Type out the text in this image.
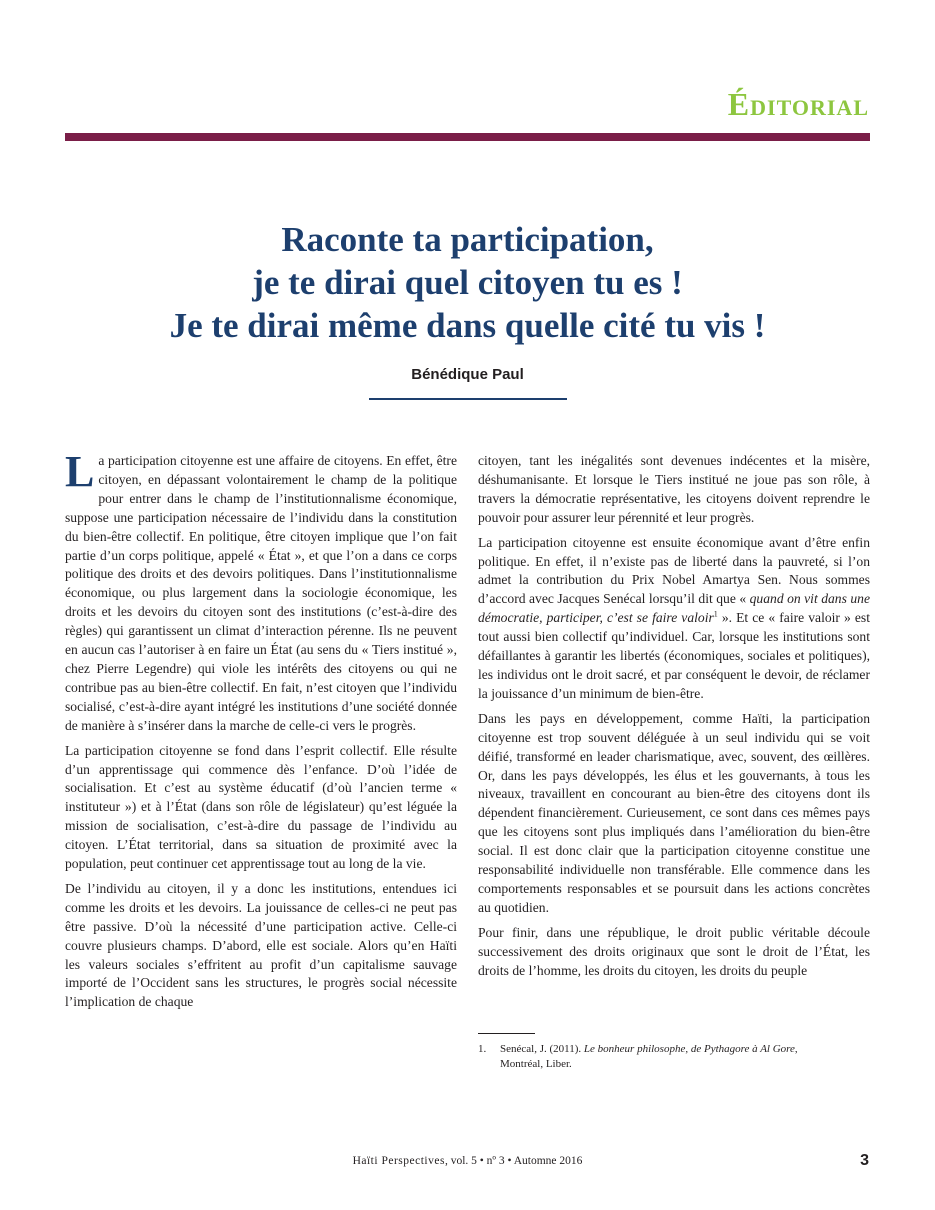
Éditorial
Raconte ta participation,
je te dirai quel citoyen tu es !
Je te dirai même dans quelle cité tu vis !
Bénédique Paul

La participation citoyenne est une affaire de citoyens. En effet, être citoyen, en dépassant volontairement le champ de la politique pour entrer dans le champ de l’institutionnalisme économique, suppose une participation nécessaire de l’individu dans la constitution du bien-être collectif. En politique, être citoyen implique que l’on fait partie d’un corps politique, appelé « État », et que l’on a dans ce corps politique des droits et des devoirs politiques. Dans l’institutionnalisme économique, ou plus largement dans la sociologie économique, les droits et les devoirs du citoyen sont des institutions (c’est-à-dire des règles) qui garantissent un climat d’interaction pérenne. Ils ne peuvent en aucun cas l’autoriser à en faire un État (au sens du « Tiers institué », chez Pierre Legendre) qui viole les intérêts des citoyens ou qui ne contribue pas au bien-être collectif. En fait, n’est citoyen que l’individu socialisé, c’est-à-dire ayant intégré les institutions d’une société donnée de manière à s’insérer dans la marche de celle-ci vers le progrès.

La participation citoyenne se fond dans l’esprit collectif. Elle résulte d’un apprentissage qui commence dès l’enfance. D’où l’idée de socialisation. Et c’est au système éducatif (d’où l’ancien terme « instituteur ») et à l’État (dans son rôle de législateur) qu’est léguée la mission de socialisation, c’est-à-dire du passage de l’individu au citoyen. L’État territorial, dans sa situation de proximité avec la population, peut continuer cet apprentissage tout au long de la vie.

De l’individu au citoyen, il y a donc les institutions, entendues ici comme les droits et les devoirs. La jouissance de celles-ci ne peut pas être passive. D’où la nécessité d’une participation active. Celle-ci couvre plusieurs champs. D’abord, elle est sociale. Alors qu’en Haïti les valeurs sociales s’effritent au profit d’un capitalisme sauvage importé de l’Occident sans les structures, le progrès social nécessite l’implication de chaque

citoyen, tant les inégalités sont devenues indécentes et la misère, déshumanisante. Et lorsque le Tiers institué ne joue pas son rôle, à travers la démocratie représentative, les citoyens doivent reprendre le pouvoir pour assurer leur pérennité et leur progrès.

La participation citoyenne est ensuite économique avant d’être enfin politique. En effet, il n’existe pas de liberté dans la pauvreté, si l’on admet la contribution du Prix Nobel Amartya Sen. Nous sommes d’accord avec Jacques Senécal lorsqu’il dit que « quand on vit dans une démocratie, participer, c’est se faire valoir$^1$ ». Et ce « faire valoir » est tout aussi bien collectif qu’individuel. Car, lorsque les institutions sont défaillantes à garantir les libertés (économiques, sociales et politiques), les individus ont le droit sacré, et par conséquent le devoir, de réclamer la jouissance d’un minimum de bien-être.

Dans les pays en développement, comme Haïti, la participation citoyenne est trop souvent déléguée à un seul individu qui se voit déifié, transformé en leader charismatique, avec, souvent, des œillères. Or, dans les pays développés, les élus et les gouvernants, à tous les niveaux, travaillent en concourant au bien-être des citoyens dont ils dépendent financièrement. Curieusement, ce sont dans ces mêmes pays que les citoyens sont plus impliqués dans l’amélioration du bien-être social. Il est donc clair que la participation citoyenne constitue une responsabilité individuelle non transférable. Elle commence dans les comportements responsables et se poursuit dans les actions concrètes au quotidien.

Pour finir, dans une république, le droit public véritable découle successivement des droits originaux que sont le droit de l’État, les droits de l’homme, les droits du citoyen, les droits du peuple

1. Senécal, J. (2011). Le bonheur philosophe, de Pythagore à Al Gore,
Montréal, Liber.
Haïti Perspectives, vol. 5 • nº 3 • Automne 2016	3
